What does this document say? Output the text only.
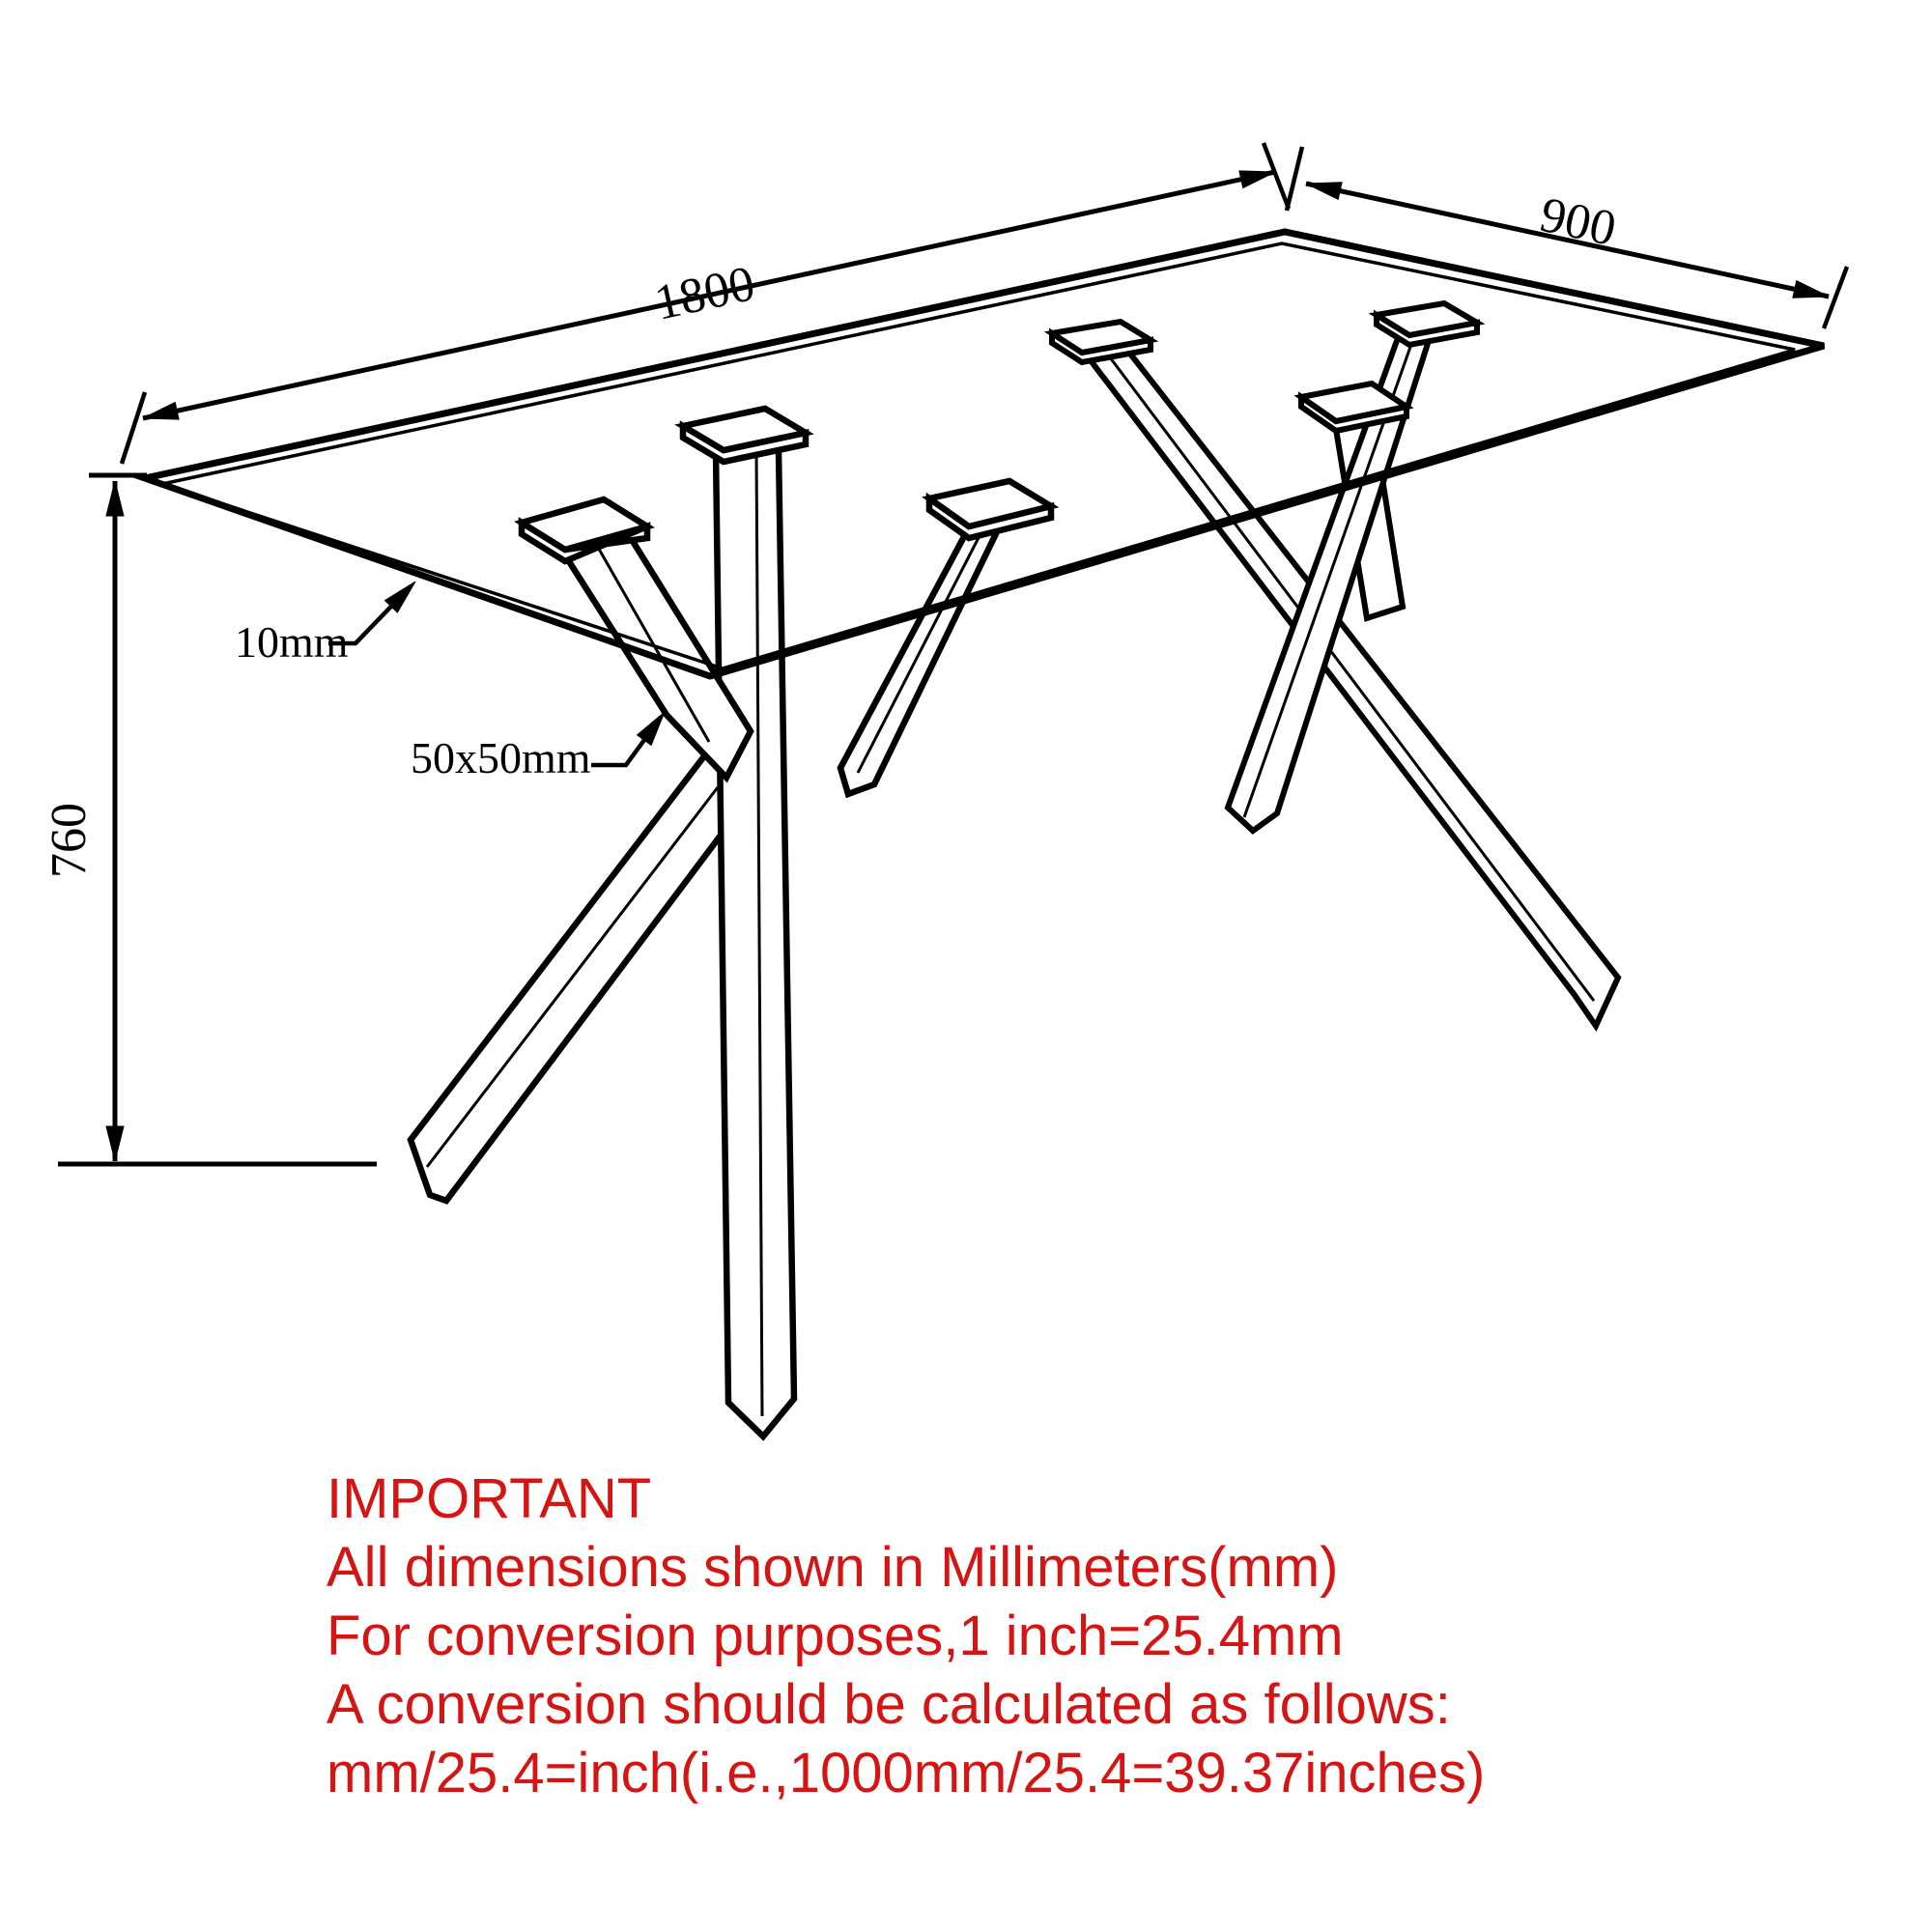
1800
900
760
10mm
50x50mm
IMPORTANT
All dimensions shown in Millimeters(mm)
For conversion purposes,1 inch=25.4mm
A conversion should be calculated as follows:
mm/25.4=inch(i.e.,1000mm/25.4=39.37inches)
